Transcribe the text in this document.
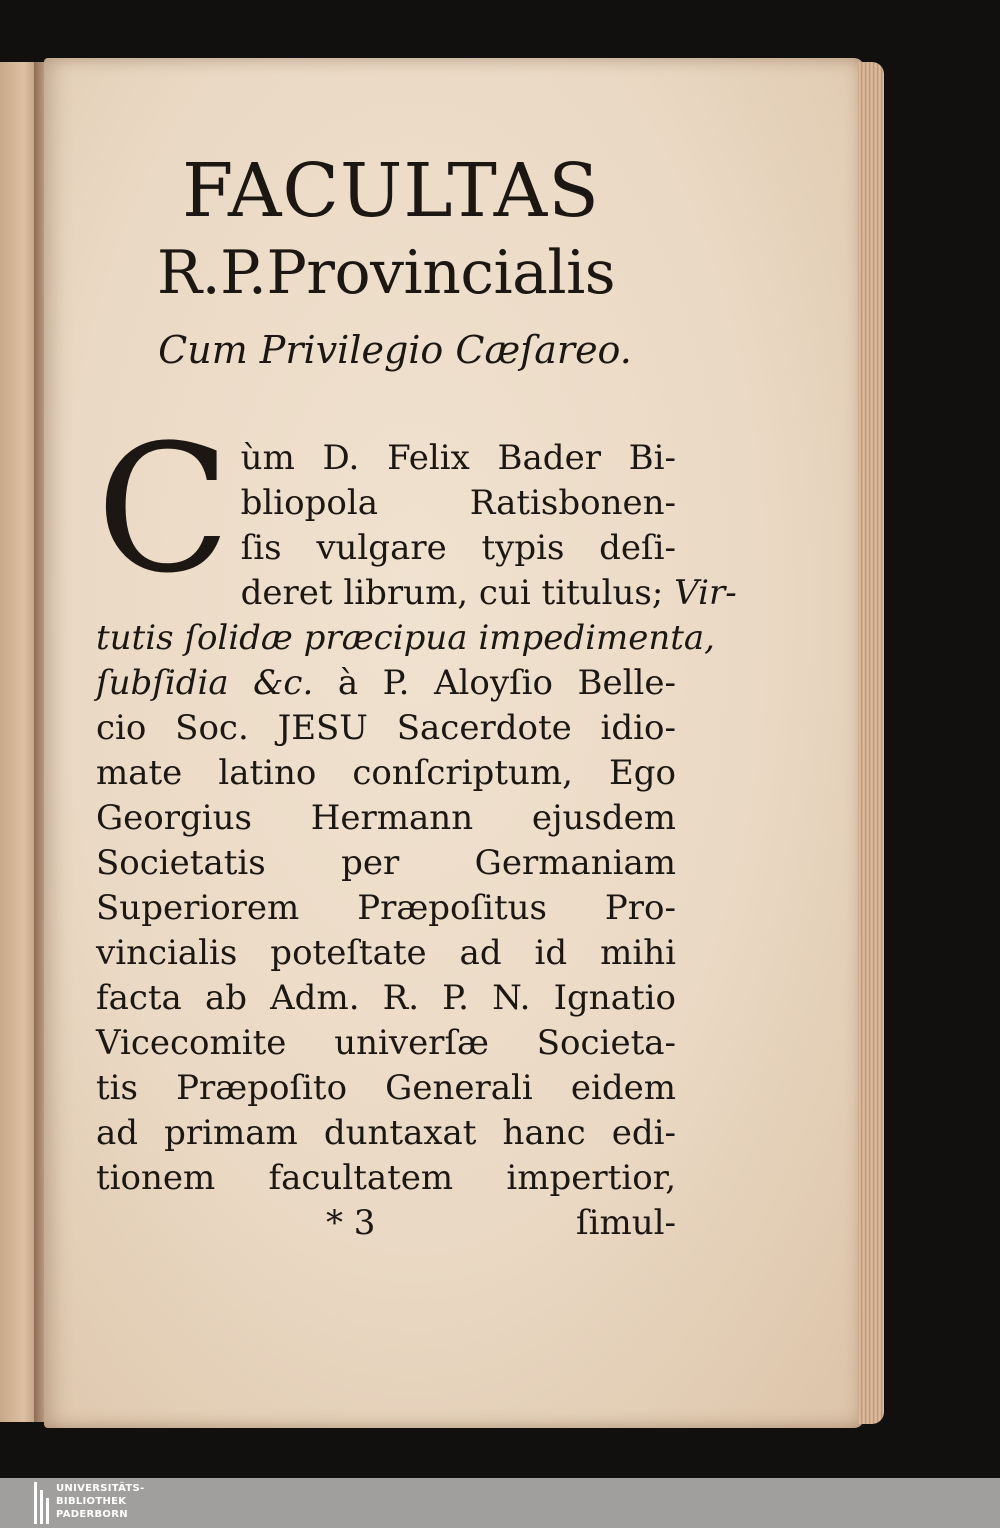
FACULTAS
R.P.Provincialis
Cum Privilegio Cæſareo.
C ùm D. Felix Bader Bi-
bliopola Ratisbonen-
ſis vulgare typis deſi-
deret librum, cui titulus; Vir-
tutis ſolidæ præcipua impedimenta,
ſubſidia &c. à P. Aloyſio Belle-
cio Soc. JESU Sacerdote idio-
mate latino conſcriptum, Ego
Georgius Hermann ejusdem
Societatis per Germaniam
Superiorem Præpoſitus Pro-
vincialis poteſtate ad id mihi
facta ab Adm. R. P. N. Ignatio
Vicecomite univerſæ Societa-
tis Præpoſito Generali eidem
ad primam duntaxat hanc edi-
tionem facultatem impertior,
* 3	ſimul-
UNIVERSITÄTS-
BIBLIOTHEK
PADERBORN
